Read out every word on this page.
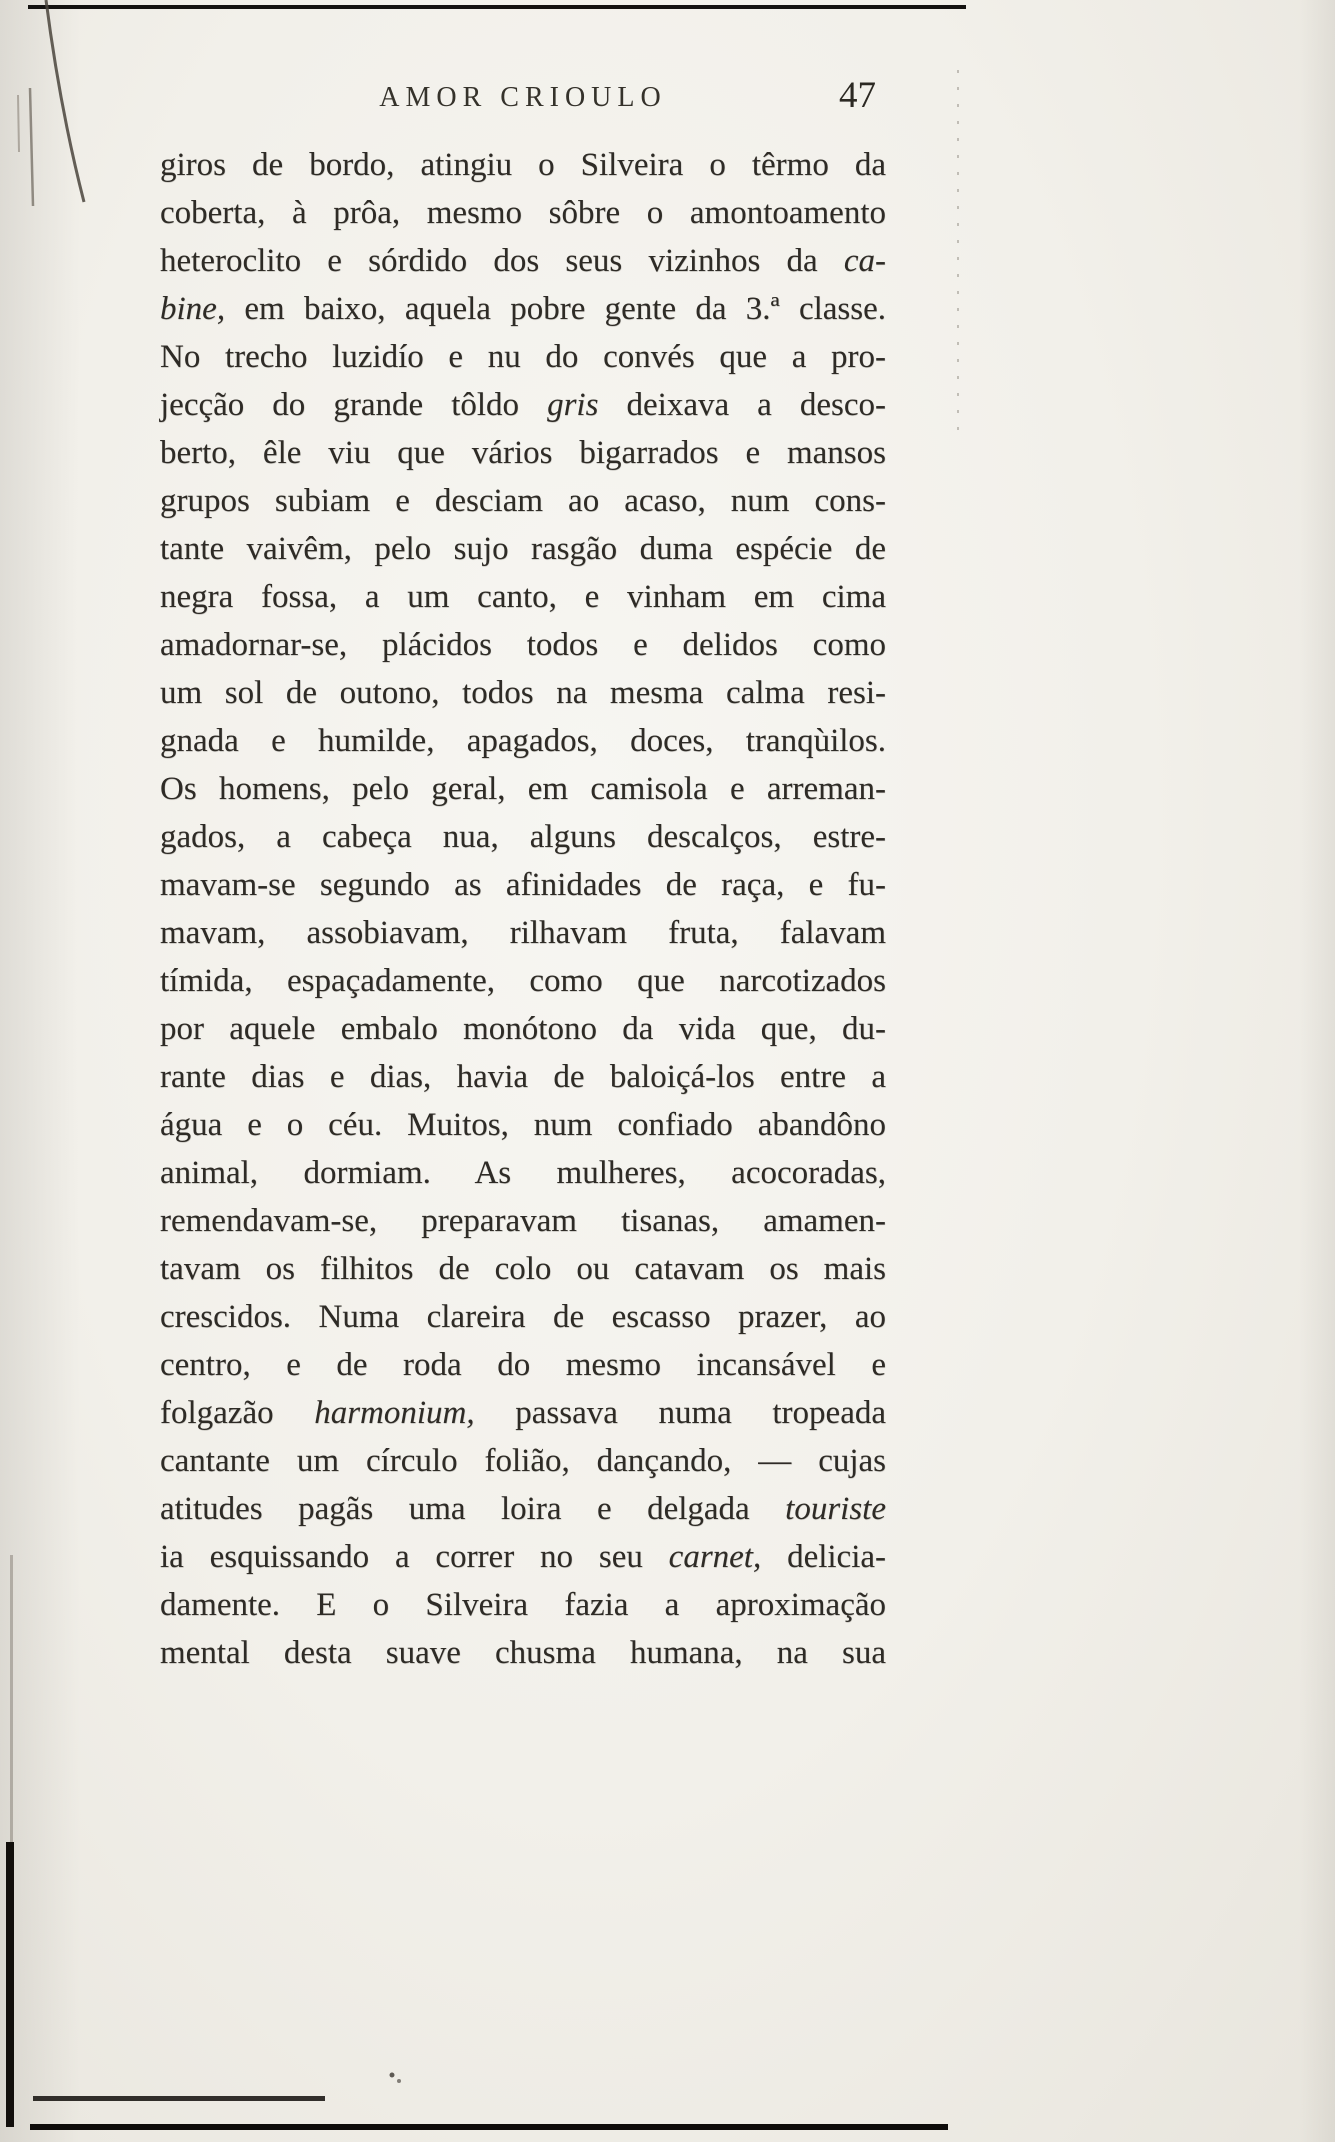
AMOR CRIOULO	47
giros de bordo, atingiu o Silveira o têrmo da
coberta, à prôa, mesmo sôbre o amontoamento
heteroclito e sórdido dos seus vizinhos da ca-
bine, em baixo, aquela pobre gente da 3.ª classe.
No trecho luzidío e nu do convés que a pro-
jecção do grande tôldo gris deixava a desco-
berto, êle viu que vários bigarrados e mansos
grupos subiam e desciam ao acaso, num cons-
tante vaivêm, pelo sujo rasgão duma espécie de
negra fossa, a um canto, e vinham em cima
amadornar-se, plácidos todos e delidos como
um sol de outono, todos na mesma calma resi-
gnada e humilde, apagados, doces, tranqùilos.
Os homens, pelo geral, em camisola e arreman-
gados, a cabeça nua, alguns descalços, estre-
mavam-se segundo as afinidades de raça, e fu-
mavam, assobiavam, rilhavam fruta, falavam
tímida, espaçadamente, como que narcotizados
por aquele embalo monótono da vida que, du-
rante dias e dias, havia de baloiçá-los entre a
água e o céu. Muitos, num confiado abandôno
animal, dormiam. As mulheres, acocoradas,
remendavam-se, preparavam tisanas, amamen-
tavam os filhitos de colo ou catavam os mais
crescidos. Numa clareira de escasso prazer, ao
centro, e de roda do mesmo incansável e
folgazão harmonium, passava numa tropeada
cantante um círculo folião, dançando, — cujas
atitudes pagãs uma loira e delgada touriste
ia esquissando a correr no seu carnet, delicia-
damente. E o Silveira fazia a aproximação
mental desta suave chusma humana, na sua
